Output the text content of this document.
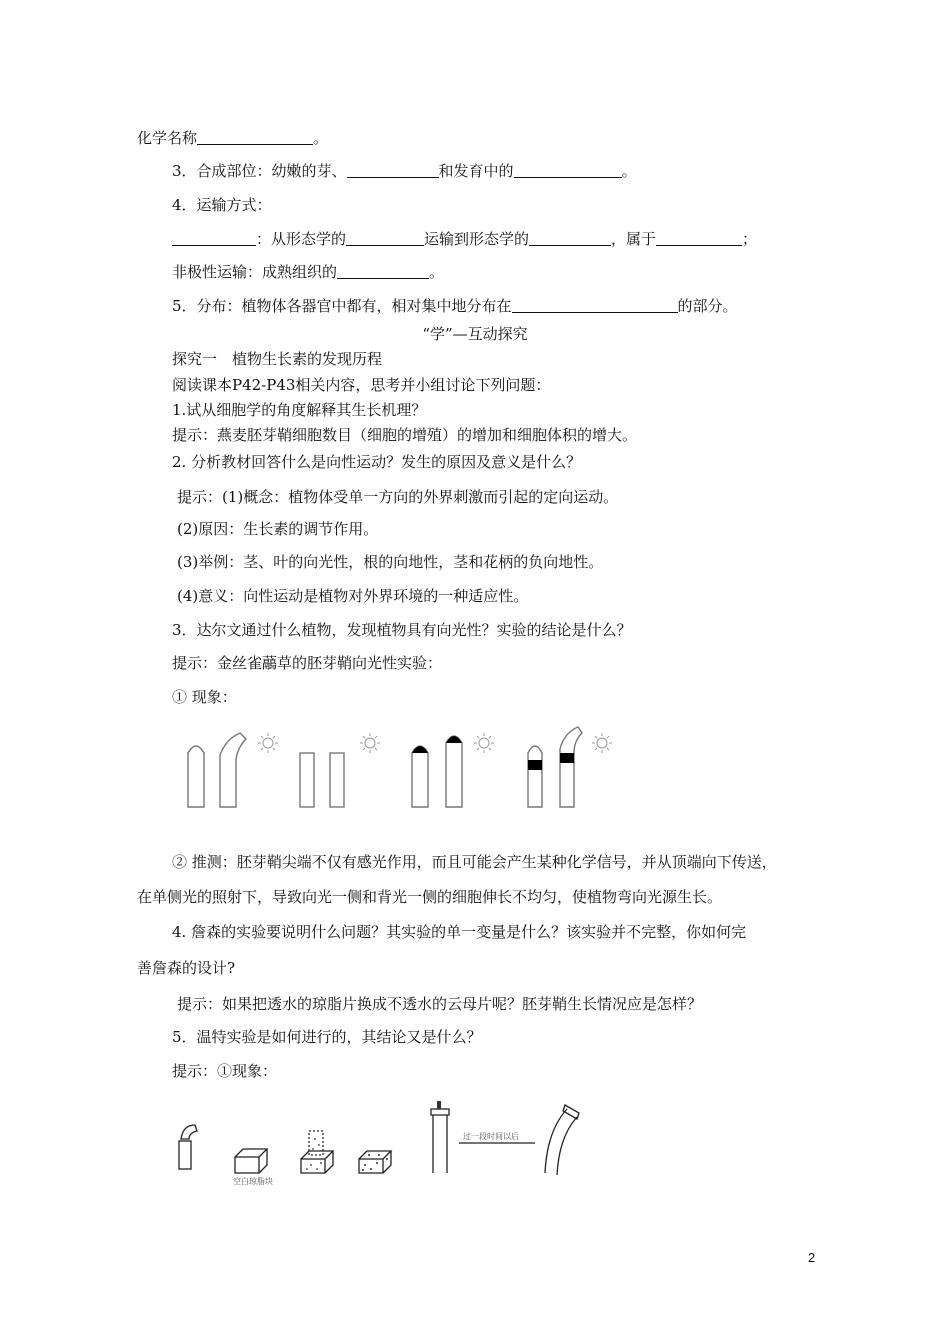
化学名称	。
3．合成部位：幼嫩的芽、	和发育中的	。
4．运输方式：
：从形态学的	运输到形态学的	，属于	；
非极性运输：成熟组织的	。
5．分布：植物体各器官中都有，相对集中地分布在	的部分。
“学”—互动探究
探究一　植物生长素的发现历程
阅读课本P42-P43相关内容，思考并小组讨论下列问题：
1.试从细胞学的角度解释其生长机理？
提示：燕麦胚芽鞘细胞数目（细胞的增殖）的增加和细胞体积的增大。
2. 分析教材回答什么是向性运动？发生的原因及意义是什么？
提示：(1)概念：植物体受单一方向的外界刺激而引起的定向运动。
(2)原因：生长素的调节作用。
(3)举例：茎、叶的向光性，根的向地性，茎和花柄的负向地性。
(4)意义：向性运动是植物对外界环境的一种适应性。
3．达尔文通过什么植物，发现植物具有向光性？实验的结论是什么？
提示：金丝雀虉草的胚芽鞘向光性实验：
① 现象：
② 推测：胚芽鞘尖端不仅有感光作用，而且可能会产生某种化学信号，并从顶端向下传送，
在单侧光的照射下，导致向光一侧和背光一侧的细胞伸长不均匀，使植物弯向光源生长。
4. 詹森的实验要说明什么问题？其实验的单一变量是什么？该实验并不完整，你如何完
善詹森的设计?
提示：如果把透水的琼脂片换成不透水的云母片呢？胚芽鞘生长情况应是怎样？
5．温特实验是如何进行的，其结论又是什么？
提示：①现象：
空白琼脂块
过一段时间以后
2
